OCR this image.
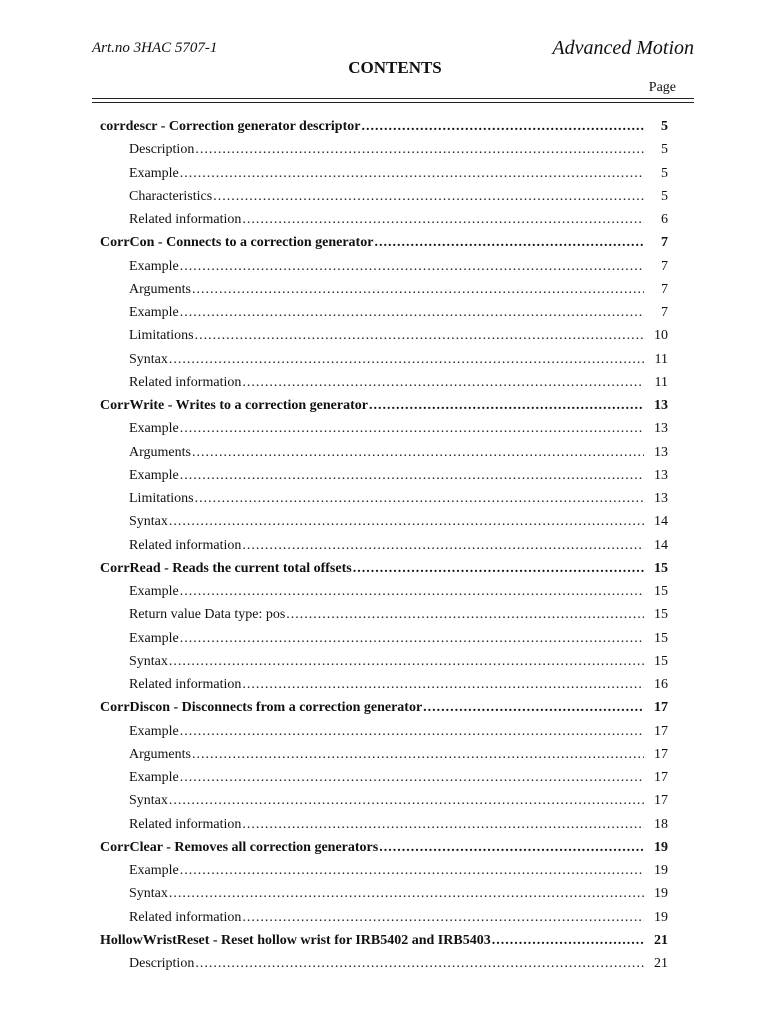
Art.no 3HAC 5707-1	Advanced Motion
CONTENTS
Page
corrdescr - Correction generator descriptor .....	5
Description .....	5
Example .....	5
Characteristics .....	5
Related information .....	6
CorrCon - Connects to a correction generator .....	7
Example .....	7
Arguments .....	7
Example .....	7
Limitations .....	10
Syntax .....	11
Related information .....	11
CorrWrite - Writes to a correction generator .....	13
Example .....	13
Arguments .....	13
Example .....	13
Limitations .....	13
Syntax .....	14
Related information .....	14
CorrRead - Reads the current total offsets .....	15
Example .....	15
Return value Data type: pos .....	15
Example .....	15
Syntax .....	15
Related information .....	16
CorrDiscon - Disconnects from a correction generator .....	17
Example .....	17
Arguments .....	17
Example .....	17
Syntax .....	17
Related information .....	18
CorrClear - Removes all correction generators .....	19
Example .....	19
Syntax .....	19
Related information .....	19
HollowWristReset - Reset hollow wrist for IRB5402 and IRB5403 .....	21
Description .....	21
